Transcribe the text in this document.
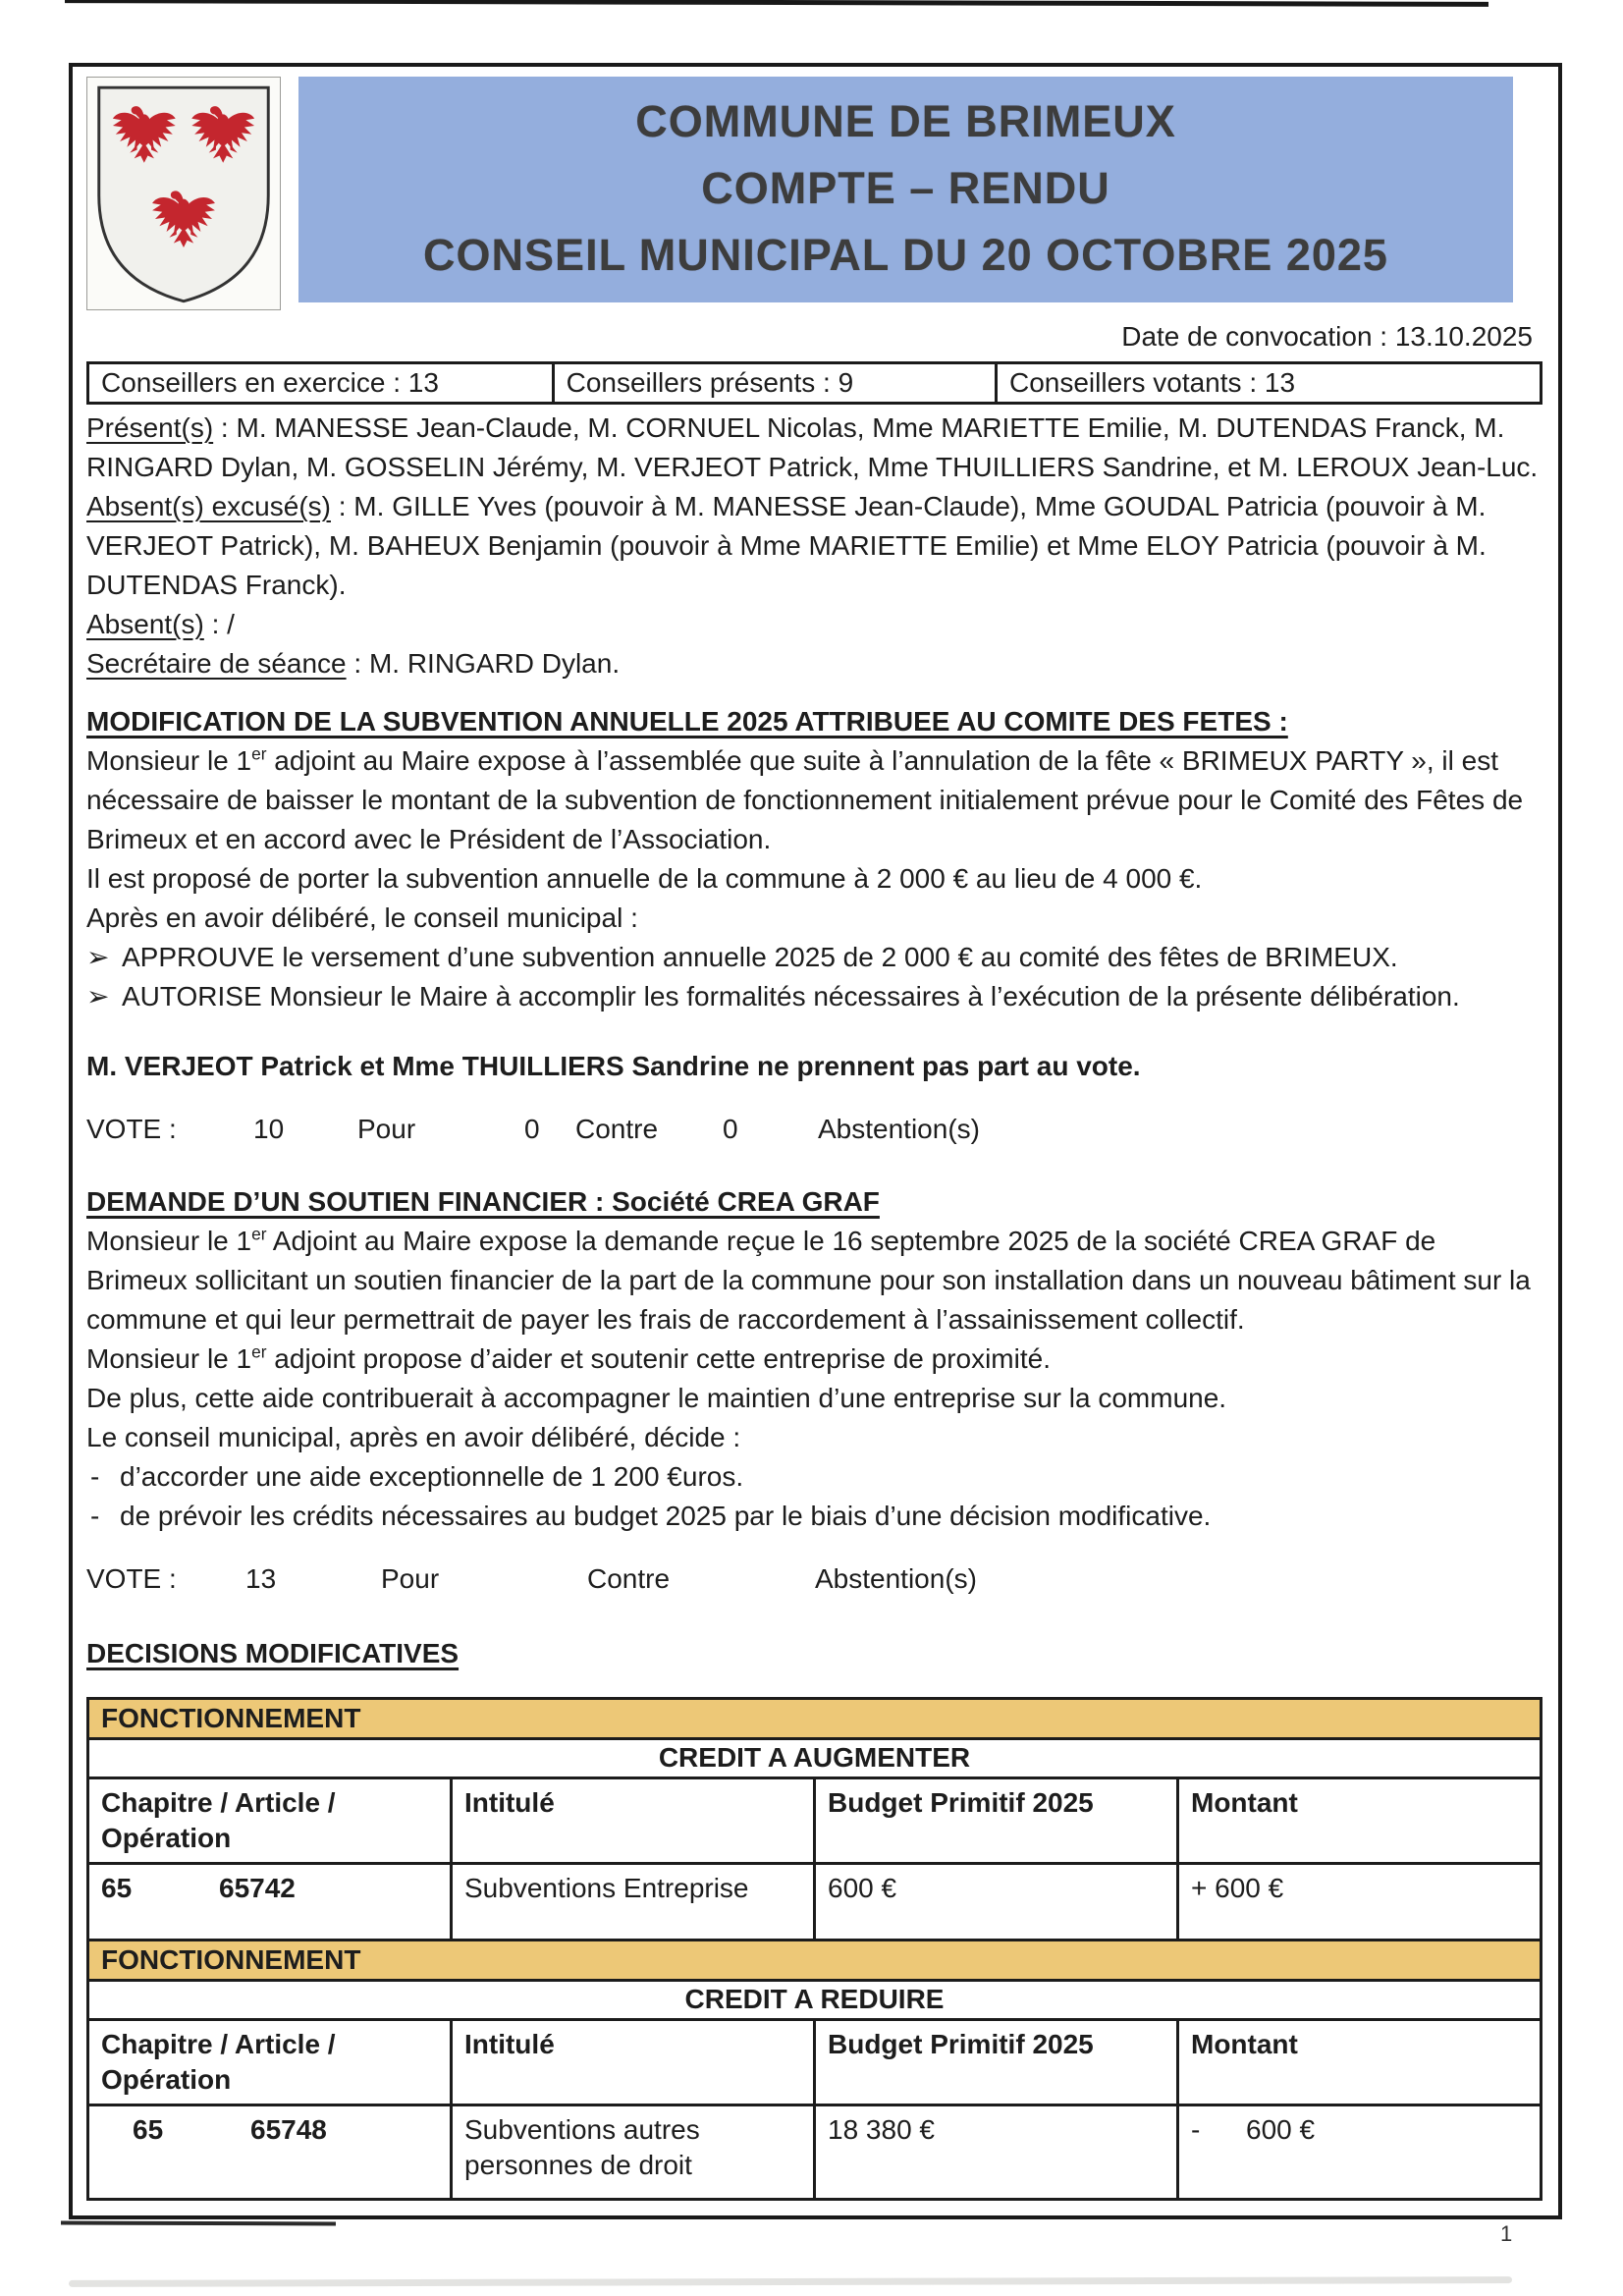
COMMUNE DE BRIMEUX
COMPTE – RENDU
CONSEIL MUNICIPAL DU 20 OCTOBRE 2025
Date de convocation : 13.10.2025
Conseillers en exercice : 13	Conseillers présents : 9	Conseillers votants : 13

Présent(s) : M. MANESSE Jean-Claude, M. CORNUEL Nicolas, Mme MARIETTE Emilie, M. DUTENDAS Franck, M. RINGARD Dylan, M. GOSSELIN Jérémy, M. VERJEOT Patrick, Mme THUILLIERS Sandrine, et M. LEROUX Jean-Luc.

Absent(s) excusé(s) : M. GILLE Yves (pouvoir à M. MANESSE Jean-Claude), Mme GOUDAL Patricia (pouvoir à M. VERJEOT Patrick), M. BAHEUX Benjamin (pouvoir à Mme MARIETTE Emilie) et Mme ELOY Patricia (pouvoir à M. DUTENDAS Franck).

Absent(s) : /

Secrétaire de séance : M. RINGARD Dylan.

MODIFICATION DE LA SUBVENTION ANNUELLE 2025 ATTRIBUEE AU COMITE DES FETES :

Monsieur le 1er adjoint au Maire expose à l’assemblée que suite à l’annulation de la fête « BRIMEUX PARTY », il est nécessaire de baisser le montant de la subvention de fonctionnement initialement prévue pour le Comité des Fêtes de Brimeux et en accord avec le Président de l’Association.

Il est proposé de porter la subvention annuelle de la commune à 2 000 € au lieu de 4 000 €.

Après en avoir délibéré, le conseil municipal :

➢ APPROUVE le versement d’une subvention annuelle 2025 de 2 000 € au comité des fêtes de BRIMEUX.

➢ AUTORISE Monsieur le Maire à accomplir les formalités nécessaires à l’exécution de la présente délibération.

M. VERJEOT Patrick et Mme THUILLIERS Sandrine ne prennent pas part au vote.

VOTE :	10	Pour	0 Contre 0	Abstention(s)

DEMANDE D’UN SOUTIEN FINANCIER : Société CREA GRAF

Monsieur le 1er Adjoint au Maire expose la demande reçue le 16 septembre 2025 de la société CREA GRAF de Brimeux sollicitant un soutien financier de la part de la commune pour son installation dans un nouveau bâtiment sur la commune et qui leur permettrait de payer les frais de raccordement à l’assainissement collectif.

Monsieur le 1er adjoint propose d’aider et soutenir cette entreprise de proximité.

De plus, cette aide contribuerait à accompagner le maintien d’une entreprise sur la commune.

Le conseil municipal, après en avoir délibéré, décide :

- d’accorder une aide exceptionnelle de 1 200 €uros.

- de prévoir les crédits nécessaires au budget 2025 par le biais d’une décision modificative.

VOTE :	13	Pour	Contre	Abstention(s)

DECISIONS MODIFICATIVES

FONCTIONNEMENT			
CREDIT A AUGMENTER			
Chapitre / Article / Opération	Intitulé	Budget Primitif 2025	Montant
65 65742	Subventions Entreprise	600 €	+ 600 €
FONCTIONNEMENT			
CREDIT A REDUIRE			
Chapitre / Article / Opération	Intitulé	Budget Primitif 2025	Montant
65 65748	Subventions autres personnes de droit	18 380 €	-      600 €
1
